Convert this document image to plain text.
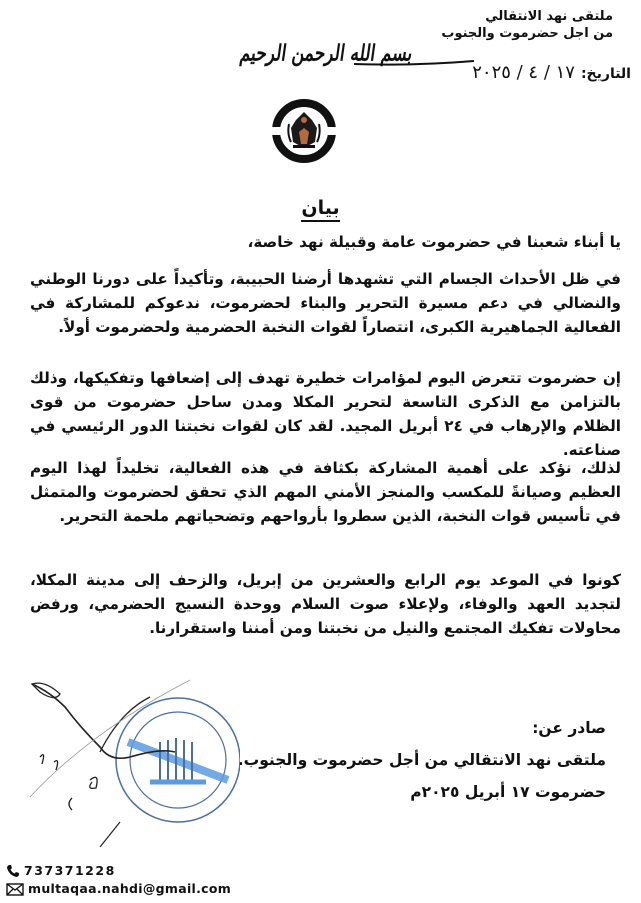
ملتقى نهد الانتقالي
من اجل حضرموت والجنوب
التاريخ:
١٧ / ٤ / ٢٠٢٥
بسم الله الرحمن الرحيم
بيان

يا أبناء شعبنا في حضرموت عامة وقبيلة نهد خاصة،

في ظل الأحداث الجسام التي تشهدها أرضنا الحبيبة، وتأكيداً على دورنا الوطني والنضالي في دعم مسيرة التحرير والبناء لحضرموت، ندعوكم للمشاركة في الفعالية الجماهيرية الكبرى، انتصاراً لقوات النخبة الحضرمية ولحضرموت أولاً.

إن حضرموت تتعرض اليوم لمؤامرات خطيرة تهدف إلى إضعافها وتفكيكها، وذلك بالتزامن مع الذكرى التاسعة لتحرير المكلا ومدن ساحل حضرموت من قوى الظلام والإرهاب في ٢٤ أبريل المجيد. لقد كان لقوات نخبتنا الدور الرئيسي في صناعته.

لذلك، نؤكد على أهمية المشاركة بكثافة في هذه الفعالية، تخليداً لهذا اليوم العظيم وصيانةً للمكسب والمنجز الأمني المهم الذي تحقق لحضرموت والمتمثل في تأسيس قوات النخبة، الذين سطروا بأرواحهم وتضحياتهم ملحمة التحرير.

كونوا في الموعد يوم الرابع والعشرين من إبريل، والزحف إلى مدينة المكلا، لتجديد العهد والوفاء، ولإعلاء صوت السلام ووحدة النسيج الحضرمي، ورفض محاولات تفكيك المجتمع والنيل من نخبتنا ومن أمننا واستقرارنا.

صادر عن:
ملتقى نهد الانتقالي من أجل حضرموت والجنوب.
حضرموت ١٧ أبريل ٢٠٢٥م
737371228
multaqaa.nahdi@gmail.com
